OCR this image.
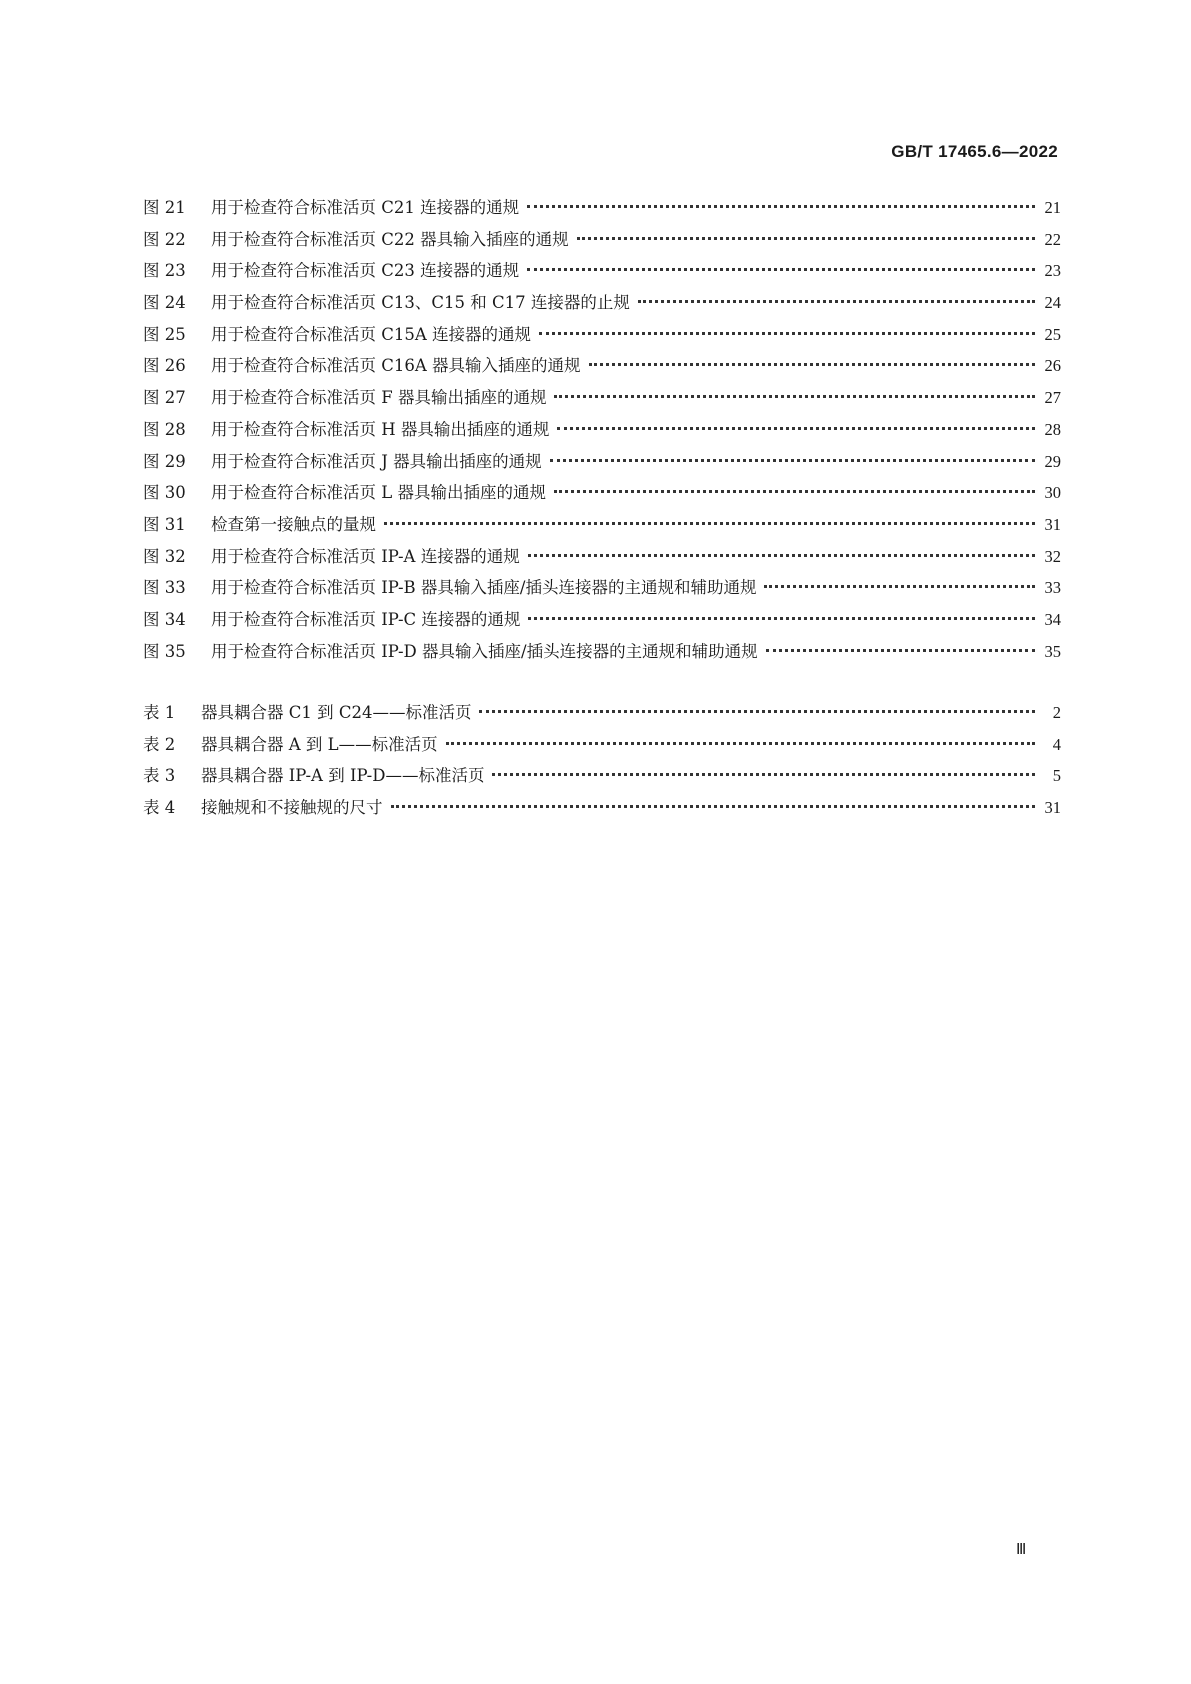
GB/T 17465.6—2022
图 21	用于检查符合标准活页 C21 连接器的通规	21
图 22	用于检查符合标准活页 C22 器具输入插座的通规	22
图 23	用于检查符合标准活页 C23 连接器的通规	23
图 24	用于检查符合标准活页 C13、C15 和 C17 连接器的止规	24
图 25	用于检查符合标准活页 C15A 连接器的通规	25
图 26	用于检查符合标准活页 C16A 器具输入插座的通规	26
图 27	用于检查符合标准活页 F 器具输出插座的通规	27
图 28	用于检查符合标准活页 H 器具输出插座的通规	28
图 29	用于检查符合标准活页 J 器具输出插座的通规	29
图 30	用于检查符合标准活页 L 器具输出插座的通规	30
图 31	检查第一接触点的量规	31
图 32	用于检查符合标准活页 IP-A 连接器的通规	32
图 33	用于检查符合标准活页 IP-B 器具输入插座/插头连接器的主通规和辅助通规	33
图 34	用于检查符合标准活页 IP-C 连接器的通规	34
图 35	用于检查符合标准活页 IP-D 器具输入插座/插头连接器的主通规和辅助通规	35
表 1	器具耦合器 C1 到 C24——标准活页	2
表 2	器具耦合器 A 到 L——标准活页	4
表 3	器具耦合器 IP-A 到 IP-D——标准活页	5
表 4	接触规和不接触规的尺寸	31
Ⅲ
